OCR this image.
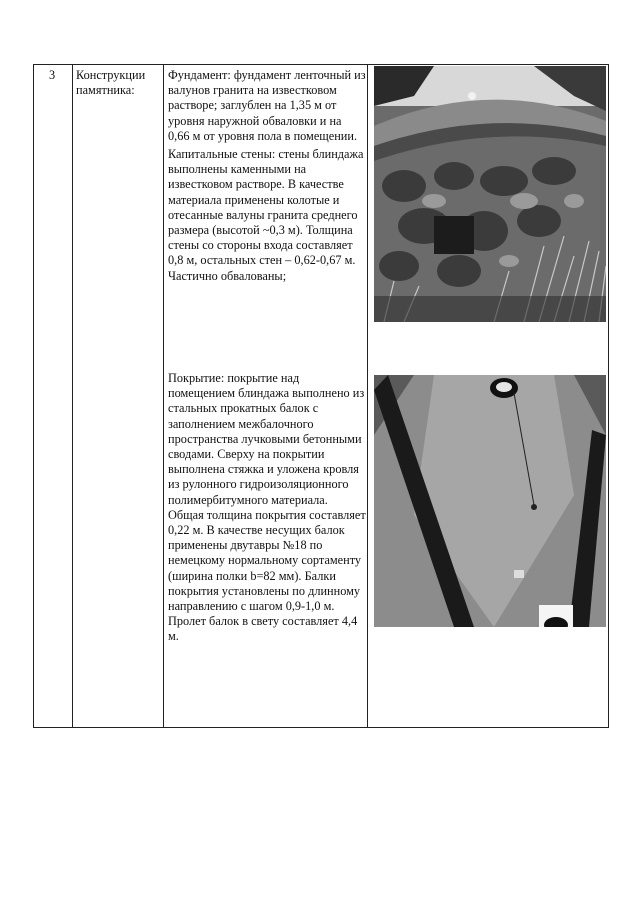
3 Конструкции памятника:
Фундамент: фундамент ленточный из валунов гранита на известковом растворе; заглублен на 1,35 м от уровня наружной обваловки и на 0,66 м от уровня пола в помещении.
Капитальные стены: стены блиндажа выполнены каменными на известковом растворе. В качестве материала применены колотые и отесанные валуны гранита среднего размера (высотой ~0,3 м). Толщина стены со стороны входа составляет 0,8 м, остальных стен – 0,62-0,67 м. Частично обвалованы;
Покрытие: покрытие над помещением блиндажа выполнено из стальных прокатных балок с заполнением межбалочного пространства лучковыми бетонными сводами. Сверху на покрытии выполнена стяжка и уложена кровля из рулонного гидроизоляционного полимербитумного материала. Общая толщина покрытия составляет 0,22 м. В качестве несущих балок применены двутавры №18 по немецкому нормальному сортаменту (ширина полки b=82 мм). Балки покрытия установлены по длинному направлению с шагом 0,9-1,0 м. Пролет балок в свету составляет 4,4 м.
